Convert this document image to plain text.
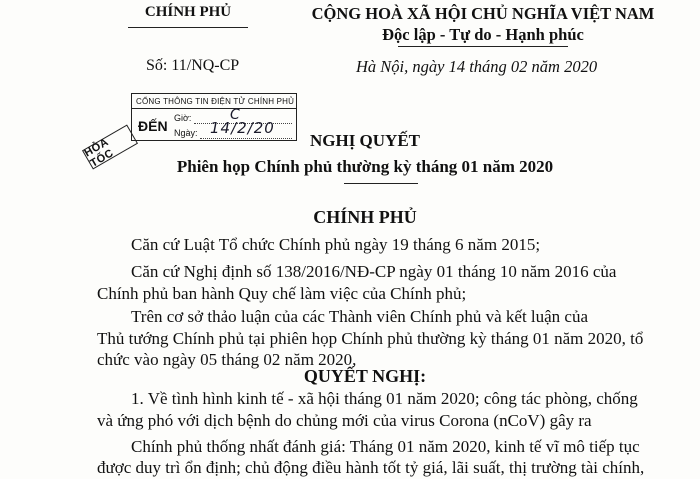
CHÍNH PHỦ
Số: 11/NQ-CP
CỘNG HOÀ XÃ HỘI CHỦ NGHĨA VIỆT NAM
Độc lập - Tự do - Hạnh phúc
Hà Nội, ngày 14 tháng 02 năm 2020
CỔNG THÔNG TIN ĐIỆN TỬ CHÍNH PHỦ
ĐẾN Giờ:	C
Ngày: 14/2/20
HỎA TỐC
NGHỊ QUYẾT
Phiên họp Chính phủ thường kỳ tháng 01 năm 2020
CHÍNH PHỦ
Căn cứ Luật Tổ chức Chính phủ ngày 19 tháng 6 năm 2015;
Căn cứ Nghị định số 138/2016/NĐ-CP ngày 01 tháng 10 năm 2016 của
Chính phủ ban hành Quy chế làm việc của Chính phủ;
Trên cơ sở thảo luận của các Thành viên Chính phủ và kết luận của
Thủ tướng Chính phủ tại phiên họp Chính phủ thường kỳ tháng 01 năm 2020, tổ
chức vào ngày 05 tháng 02 năm 2020,
QUYẾT NGHỊ:
1. Về tình hình kinh tế - xã hội tháng 01 năm 2020; công tác phòng, chống
và ứng phó với dịch bệnh do chủng mới của virus Corona (nCoV) gây ra
Chính phủ thống nhất đánh giá: Tháng 01 năm 2020, kinh tế vĩ mô tiếp tục
được duy trì ổn định; chủ động điều hành tốt tỷ giá, lãi suất, thị trường tài chính,
